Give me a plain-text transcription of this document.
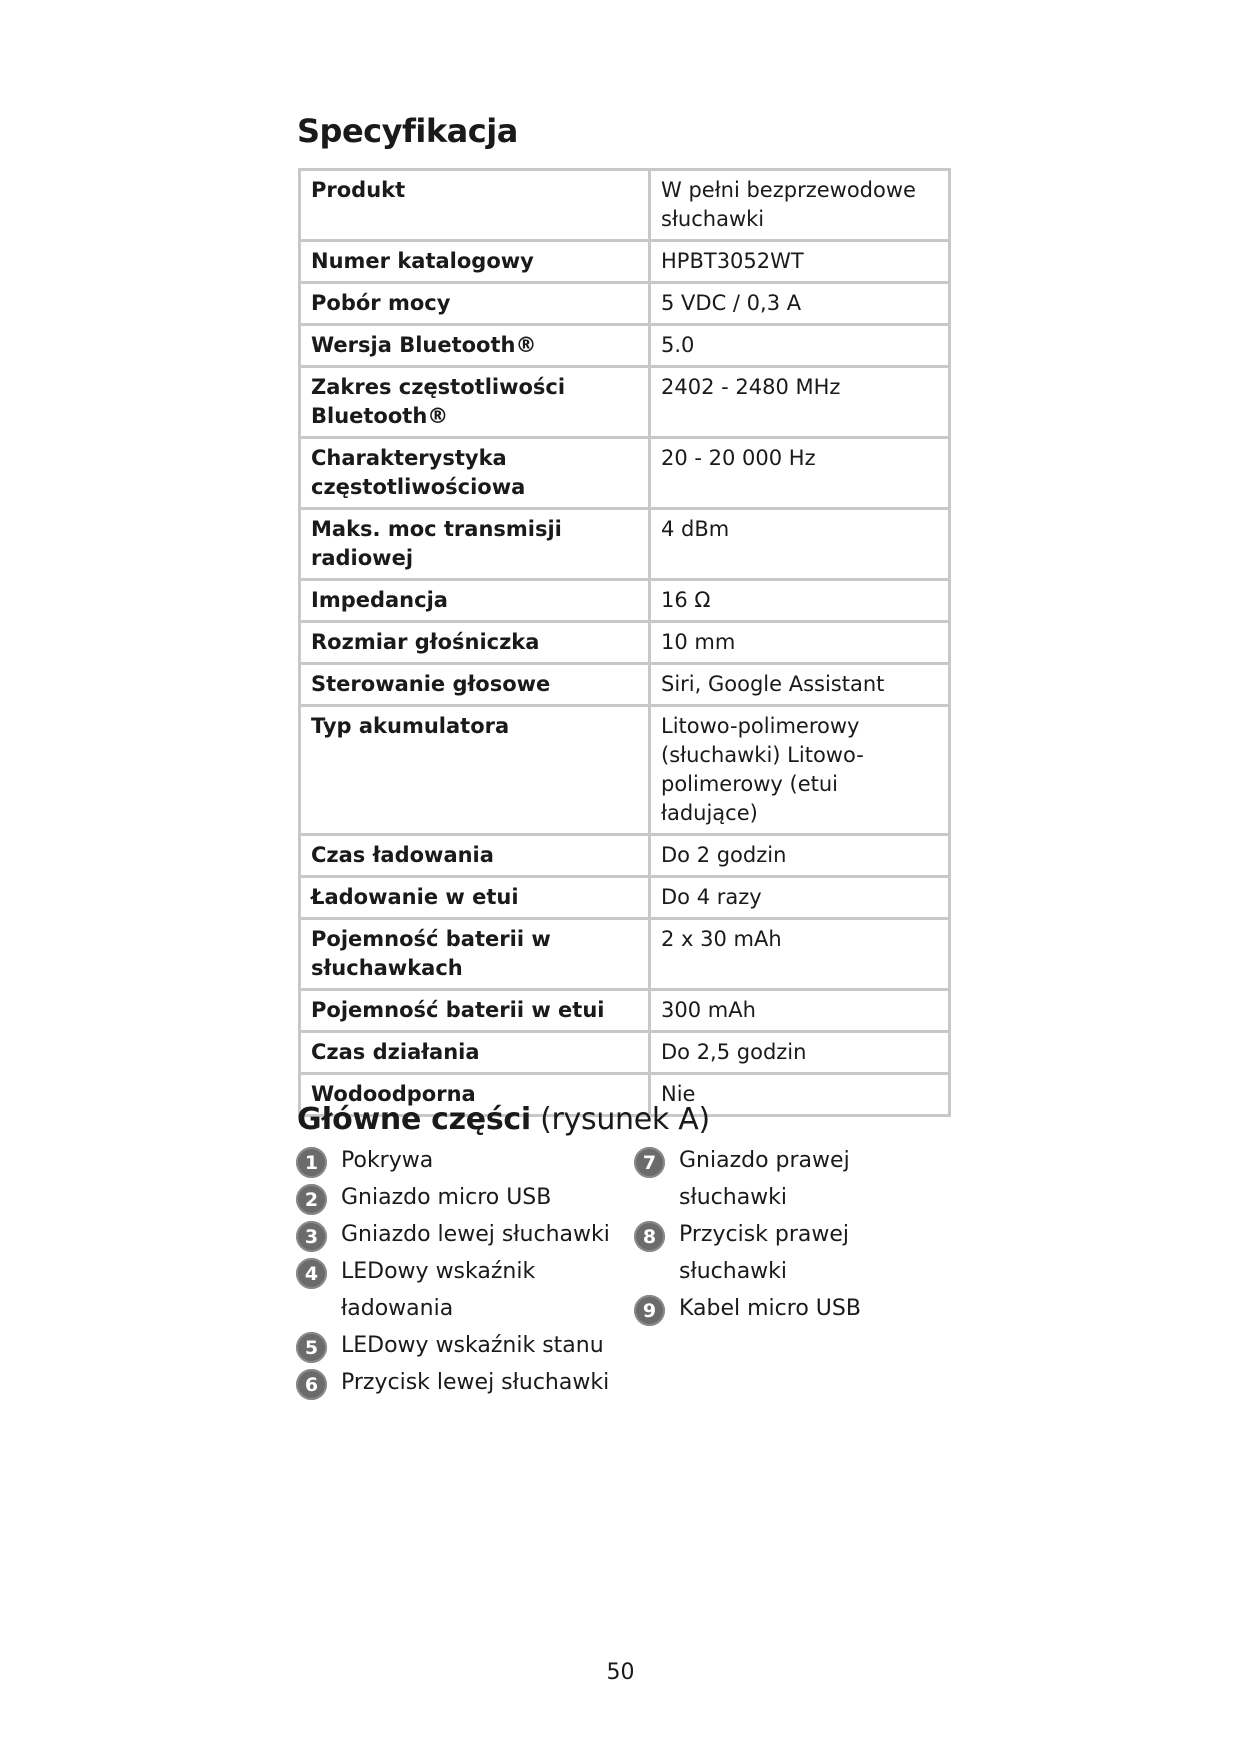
Specyfikacja
Produkt	W pełni bezprzewodowe słuchawki
Numer katalogowy	HPBT3052WT
Pobór mocy	5 VDC / 0,3 A
Wersja Bluetooth®	5.0
Zakres częstotliwości Bluetooth®	2402 - 2480 MHz
Charakterystyka częstotliwościowa	20 - 20 000 Hz
Maks. moc transmisji radiowej	4 dBm
Impedancja	16 Ω
Rozmiar głośniczka	10 mm
Sterowanie głosowe	Siri, Google Assistant
Typ akumulatora	Litowo-polimerowy (słuchawki) Litowo-polimerowy (etui ładujące)
Czas ładowania	Do 2 godzin
Ładowanie w etui	Do 4 razy
Pojemność baterii w słuchawkach	2 x 30 mAh
Pojemność baterii w etui	300 mAh
Czas działania	Do 2,5 godzin
Wodoodporna	Nie
Główne części (rysunek A)
1	Pokrywa
2	Gniazdo micro USB
3	Gniazdo lewej słuchawki
4	LEDowy wskaźnik ładowania
5	LEDowy wskaźnik stanu
6	Przycisk lewej słuchawki
7	Gniazdo prawej słuchawki
8	Przycisk prawej słuchawki
9	Kabel micro USB
50
